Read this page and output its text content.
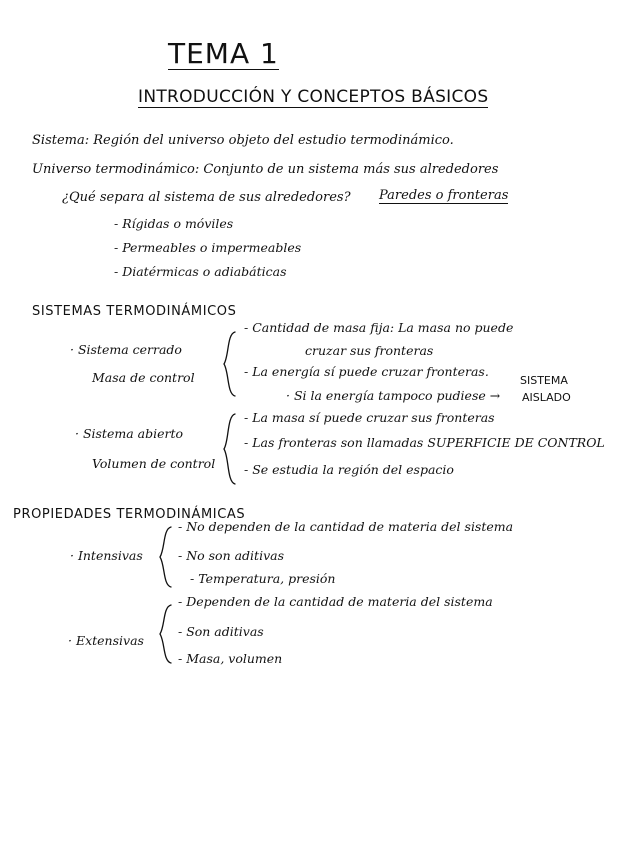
TEMA 1
INTRODUCCIÓN Y CONCEPTOS BÁSICOS
Sistema: Región del universo objeto del estudio termodinámico.
Universo termodinámico: Conjunto de un sistema más sus alrededores
¿Qué separa al sistema de sus alrededores? Paredes o fronteras
- Rígidas o móviles
- Permeables o impermeables
- Diatérmicas o adiabáticas
SISTEMAS TERMODINÁMICOS
· Sistema cerrado
Masa de control
- Cantidad de masa fija: La masa no puede
cruzar sus fronteras
- La energía sí puede cruzar fronteras.
· Si la energía tampoco pudiese →
SISTEMA
AISLADO
· Sistema abierto
Volumen de control
- La masa sí puede cruzar sus fronteras
- Las fronteras son llamadas SUPERFICIE DE CONTROL
- Se estudia la región del espacio
PROPIEDADES TERMODINÁMICAS
· Intensivas
- No dependen de la cantidad de materia del sistema
- No son aditivas
- Temperatura, presión
· Extensivas
- Dependen de la cantidad de materia del sistema
- Son aditivas
- Masa, volumen
